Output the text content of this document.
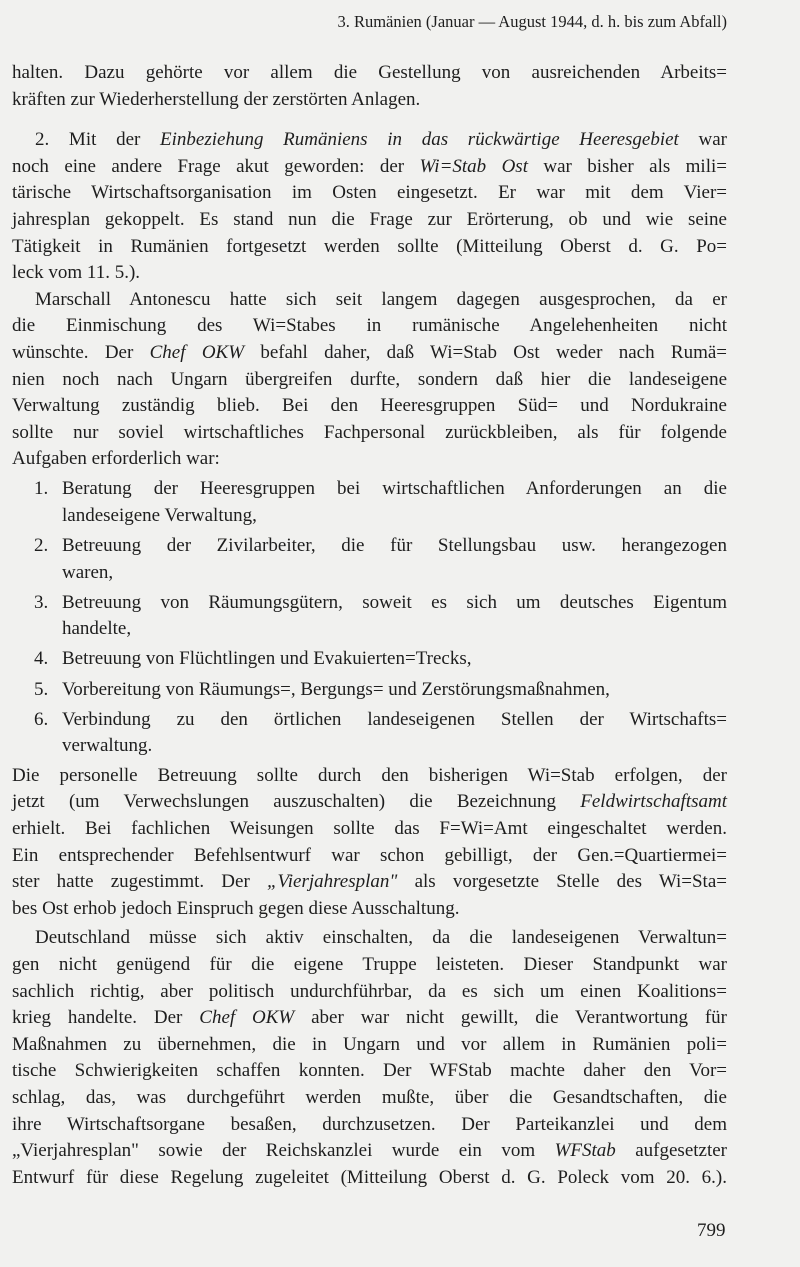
3. Rumänien (Januar — August 1944, d. h. bis zum Abfall)
halten. Dazu gehörte vor allem die Gestellung von ausreichenden Arbeits=
kräften zur Wiederherstellung der zerstörten Anlagen.
2. Mit der Einbeziehung Rumäniens in das rückwärtige Heeresgebiet war
noch eine andere Frage akut geworden: der Wi=Stab Ost war bisher als mili=
tärische Wirtschaftsorganisation im Osten eingesetzt. Er war mit dem Vier=
jahresplan gekoppelt. Es stand nun die Frage zur Erörterung, ob und wie seine
Tätigkeit in Rumänien fortgesetzt werden sollte (Mitteilung Oberst d. G. Po=
leck vom 11. 5.).
Marschall Antonescu hatte sich seit langem dagegen ausgesprochen, da er
die Einmischung des Wi=Stabes in rumänische Angelehenheiten nicht
wünschte. Der Chef OKW befahl daher, daß Wi=Stab Ost weder nach Rumä=
nien noch nach Ungarn übergreifen durfte, sondern daß hier die landeseigene
Verwaltung zuständig blieb. Bei den Heeresgruppen Süd= und Nordukraine
sollte nur soviel wirtschaftliches Fachpersonal zurückbleiben, als für folgende
Aufgaben erforderlich war:
1. Beratung der Heeresgruppen bei wirtschaftlichen Anforderungen an die
landeseigene Verwaltung,
2. Betreuung der Zivilarbeiter, die für Stellungsbau usw. herangezogen
waren,
3. Betreuung von Räumungsgütern, soweit es sich um deutsches Eigentum
handelte,
4. Betreuung von Flüchtlingen und Evakuierten=Trecks,
5. Vorbereitung von Räumungs=, Bergungs= und Zerstörungsmaßnahmen,
6. Verbindung zu den örtlichen landeseigenen Stellen der Wirtschafts=
verwaltung.
Die personelle Betreuung sollte durch den bisherigen Wi=Stab erfolgen, der
jetzt (um Verwechslungen auszuschalten) die Bezeichnung Feldwirtschaftsamt
erhielt. Bei fachlichen Weisungen sollte das F=Wi=Amt eingeschaltet werden.
Ein entsprechender Befehlsentwurf war schon gebilligt, der Gen.=Quartiermei=
ster hatte zugestimmt. Der „Vierjahresplan" als vorgesetzte Stelle des Wi=Sta=
bes Ost erhob jedoch Einspruch gegen diese Ausschaltung.
Deutschland müsse sich aktiv einschalten, da die landeseigenen Verwaltun=
gen nicht genügend für die eigene Truppe leisteten. Dieser Standpunkt war
sachlich richtig, aber politisch undurchführbar, da es sich um einen Koalitions=
krieg handelte. Der Chef OKW aber war nicht gewillt, die Verantwortung für
Maßnahmen zu übernehmen, die in Ungarn und vor allem in Rumänien poli=
tische Schwierigkeiten schaffen konnten. Der WFStab machte daher den Vor=
schlag, das, was durchgeführt werden mußte, über die Gesandtschaften, die
ihre Wirtschaftsorgane besaßen, durchzusetzen. Der Parteikanzlei und dem
„Vierjahresplan" sowie der Reichskanzlei wurde ein vom WFStab aufgesetzter
Entwurf für diese Regelung zugeleitet (Mitteilung Oberst d. G. Poleck vom 20. 6.).
799
